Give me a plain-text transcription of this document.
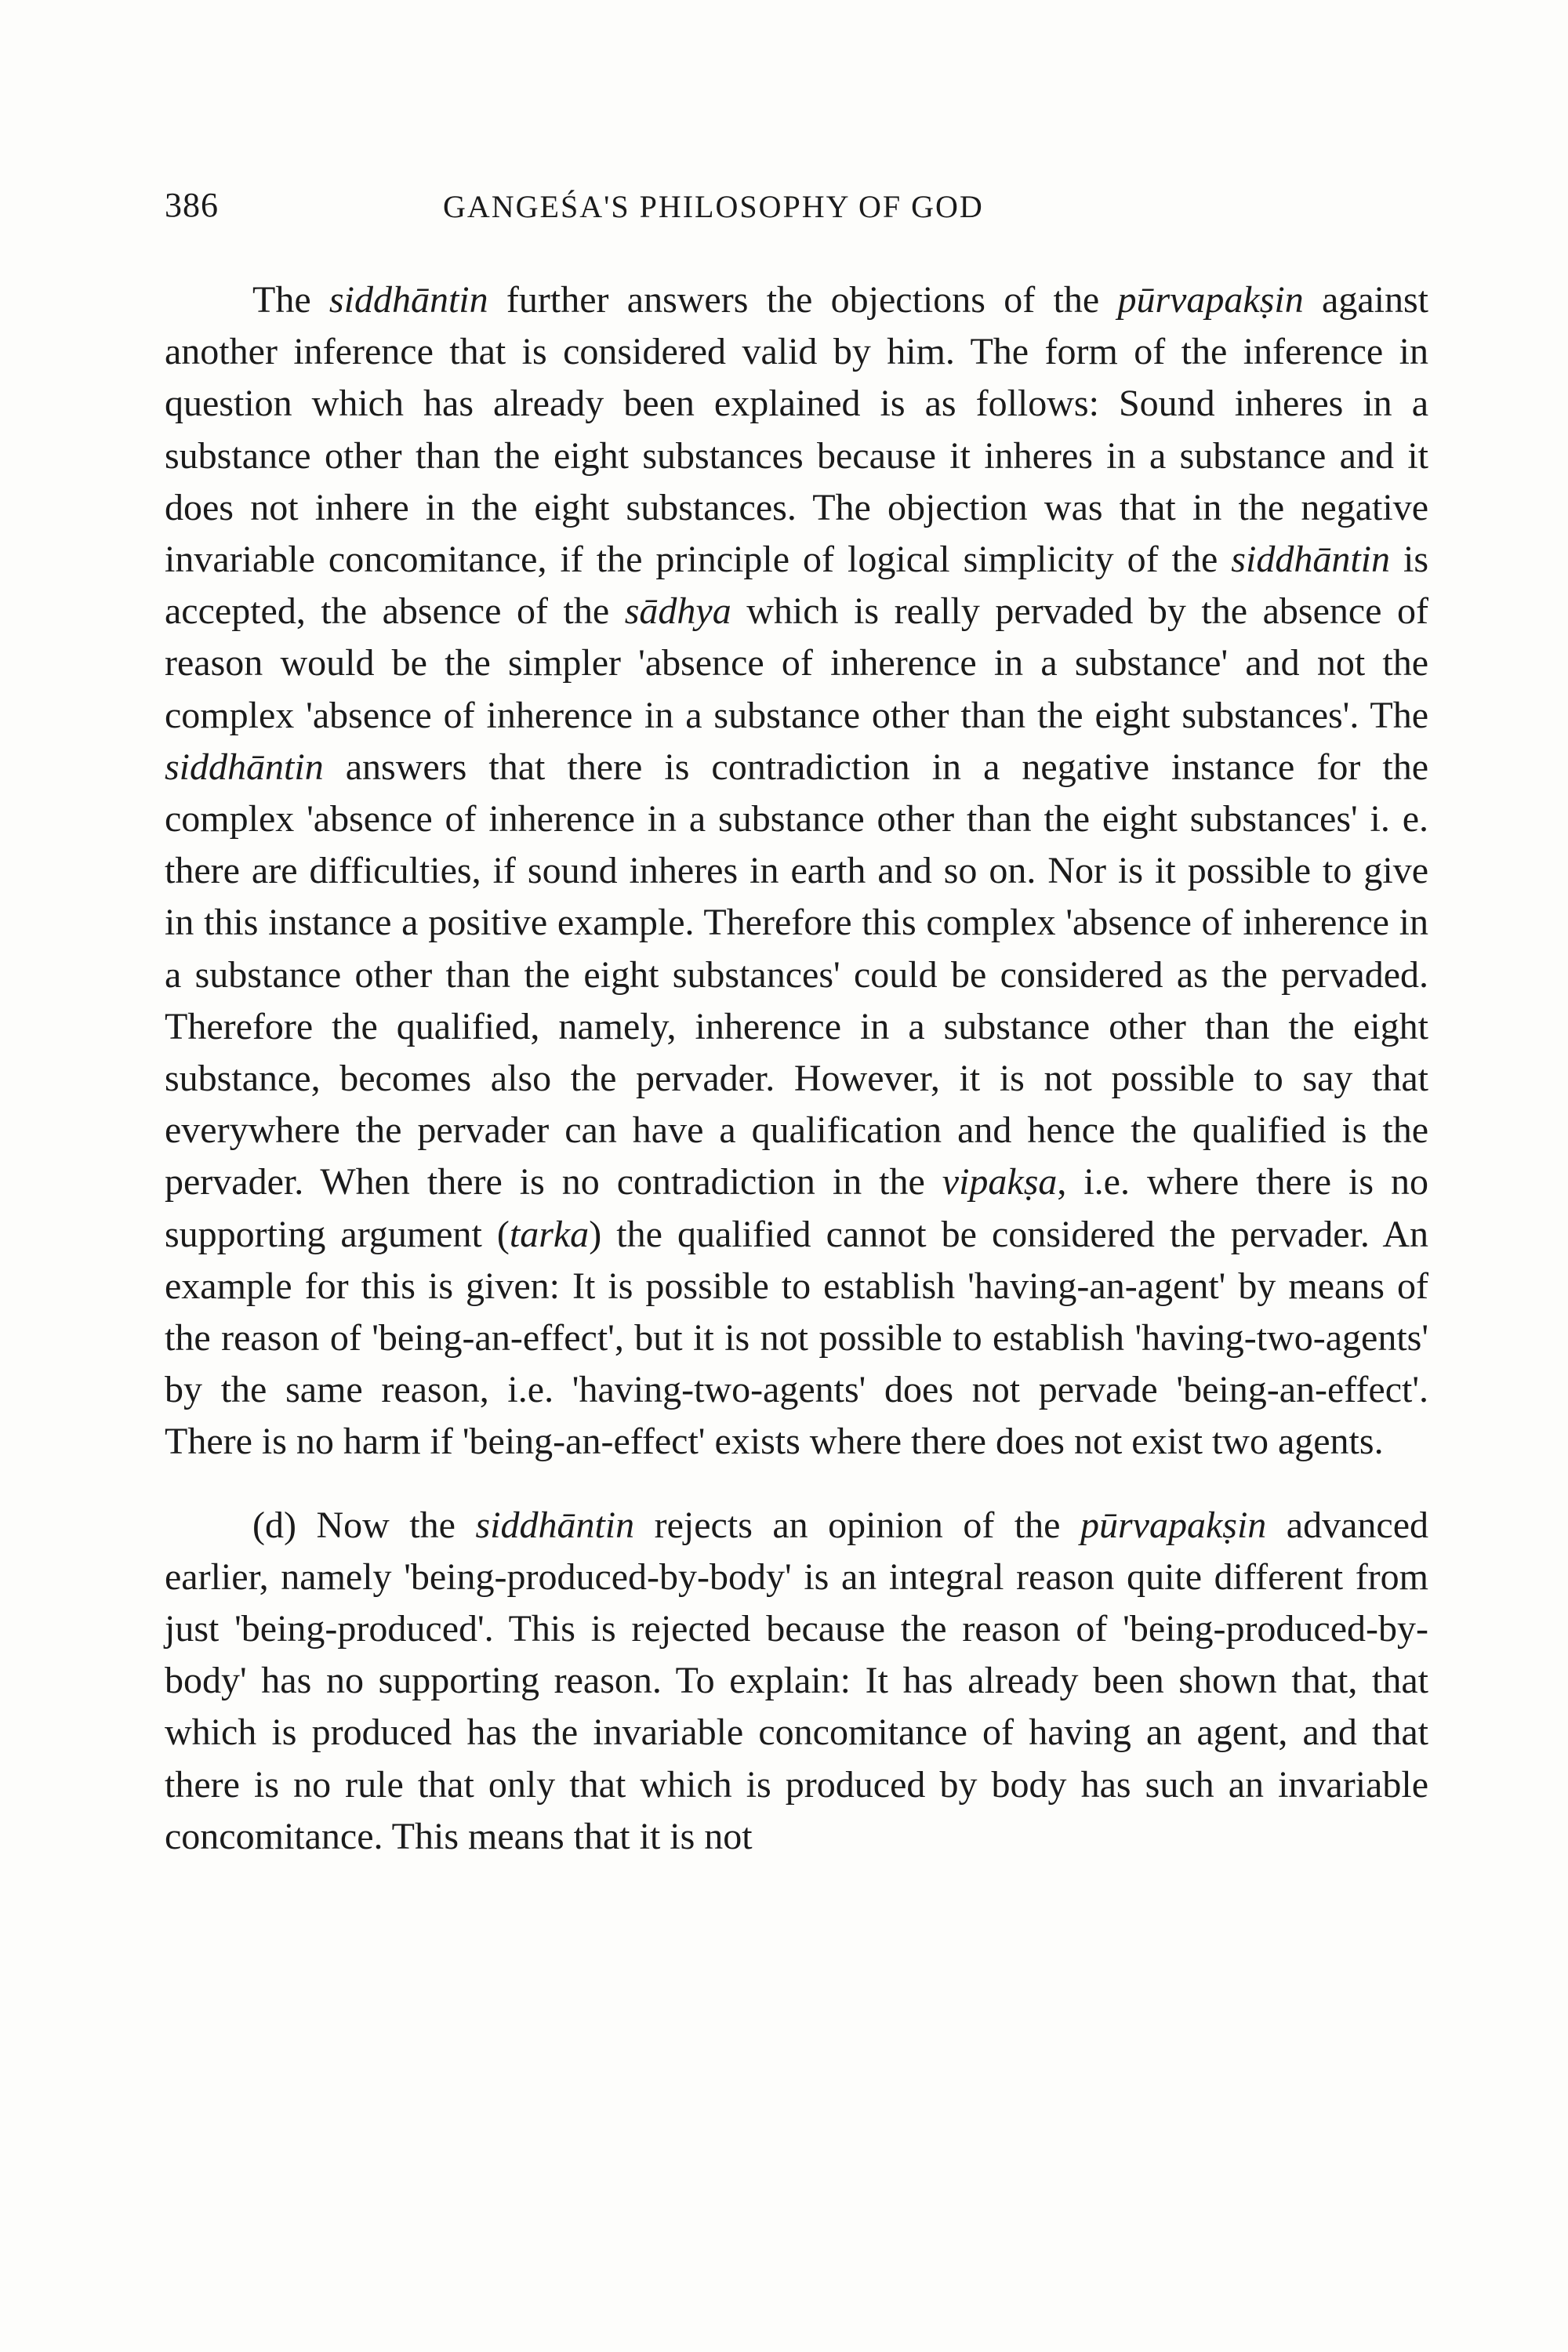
386	GANGEŚA'S PHILOSOPHY OF GOD

The siddhāntin further answers the objections of the pūrvapakṣin against another inference that is considered valid by him. The form of the inference in question which has already been explained is as follows: Sound inheres in a substance other than the eight substances because it inheres in a substance and it does not inhere in the eight substances. The objection was that in the negative invariable concomitance, if the principle of logical simplicity of the siddhāntin is accepted, the absence of the sādhya which is really pervaded by the absence of reason would be the simpler 'absence of inherence in a substance' and not the complex 'absence of inherence in a substance other than the eight substances'. The siddhāntin answers that there is contradiction in a negative instance for the complex 'absence of inherence in a substance other than the eight substances' i. e. there are difficulties, if sound inheres in earth and so on. Nor is it possible to give in this instance a positive example. Therefore this complex 'absence of inherence in a substance other than the eight substances' could be considered as the pervaded. Therefore the qualified, namely, inherence in a substance other than the eight substance, becomes also the pervader. However, it is not possible to say that everywhere the pervader can have a qualification and hence the qualified is the pervader. When there is no contradiction in the vipakṣa, i.e. where there is no supporting argument (tarka) the qualified cannot be considered the pervader. An example for this is given: It is possible to establish 'having-an-agent' by means of the reason of 'being-an-effect', but it is not possible to establish 'having-two-agents' by the same reason, i.e. 'having-two-agents' does not pervade 'being-an-effect'. There is no harm if 'being-an-effect' exists where there does not exist two agents.

(d) Now the siddhāntin rejects an opinion of the pūrvapakṣin advanced earlier, namely 'being-produced-by-body' is an integral reason quite different from just 'being-produced'. This is rejected because the reason of 'being-produced-by-body' has no supporting reason. To explain: It has already been shown that, that which is produced has the invariable concomitance of having an agent, and that there is no rule that only that which is produced by body has such an invariable concomitance. This means that it is not
